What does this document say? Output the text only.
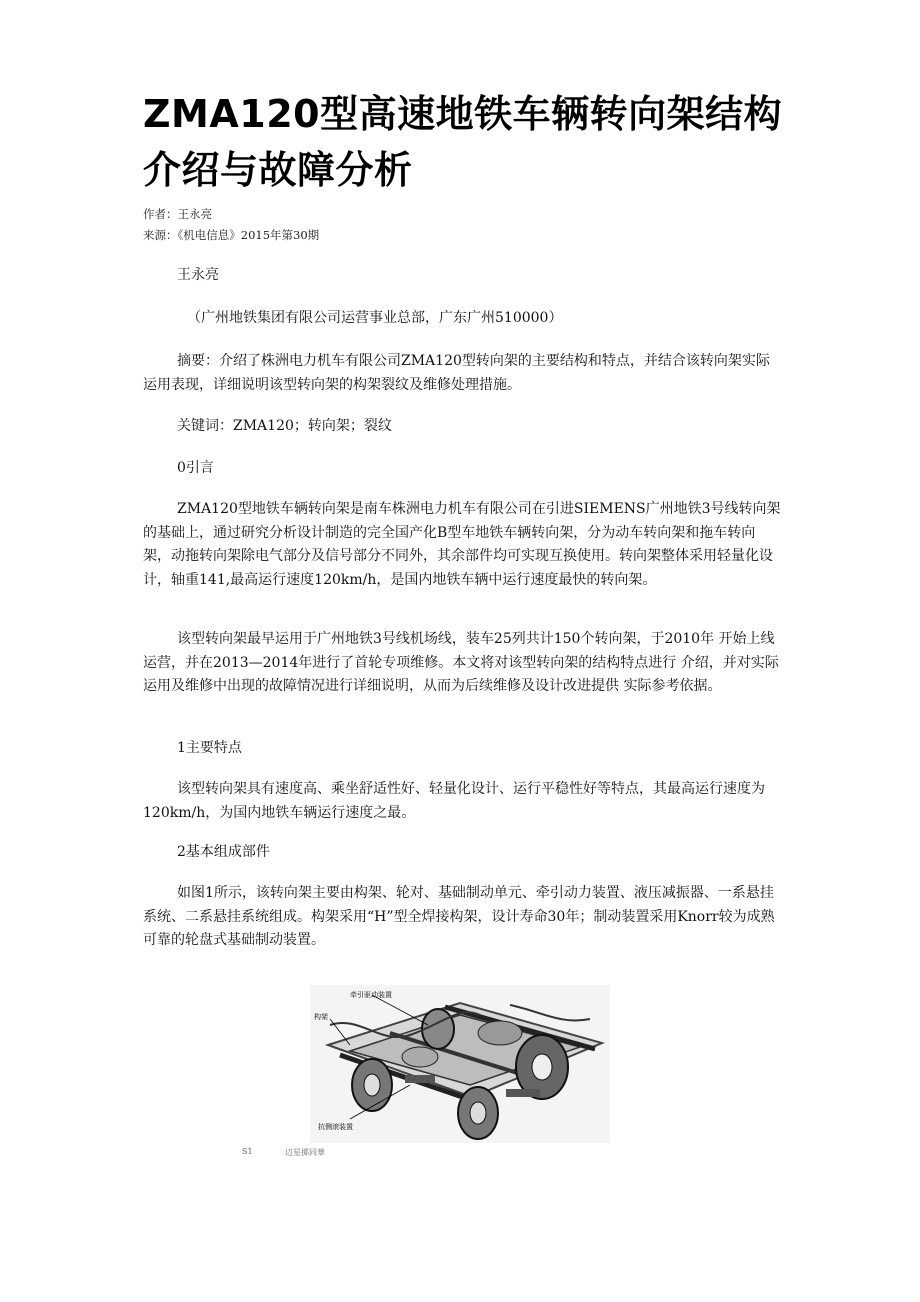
ZMA120型高速地铁车辆转向架结构介绍与故障分析
作者：王永亮
来源：《机电信息》2015年第30期

王永亮

（广州地铁集团有限公司运营事业总部，广东广州510000）

摘要：介绍了株洲电力机车有限公司ZMA120型转向架的主要结构和特点，并结合该转向架实际运用表现，详细说明该型转向架的构架裂纹及维修处理措施。

关键词：ZMA120；转向架；裂纹

0引言

ZMA120型地铁车辆转向架是南车株洲电力机车有限公司在引进SIEMENS广州地铁3号线转向架的基础上，通过研究分析设计制造的完全国产化B型车地铁车辆转向架，分为动车转向架和拖车转向架，动拖转向架除电气部分及信号部分不同外，其余部件均可实现互换使用。转向架整体采用轻量化设计，轴重141,最高运行速度120km/h，是国内地铁车辆中运行速度最快的转向架。

该型转向架最早运用于广州地铁3号线机场线，装车25列共计150个转向架，于2010年 开始上线运营，并在2013—2014年进行了首轮专项维修。本文将对该型转向架的结构特点进行 介绍，并对实际运用及维修中出现的故障情况进行详细说明，从而为后续维修及设计改进提供 实际参考依据。

1主要特点

该型转向架具有速度高、乘坐舒适性好、轻量化设计、运行平稳性好等特点，其最高运行速度为120km/h，为国内地铁车辆运行速度之最。

2基本组成部件

如图1所示，该转向架主要由构架、轮对、基础制动单元、牵引动力装置、液压减振器、一系悬挂系统、二系悬挂系统组成。构架采用“H”型全焊接构架，设计寿命30年；制动装置采用Knorr较为成熟可靠的轮盘式基础制动装置。

牵引驱动装置
构架
抗侧滚装置
S1	辺星掷同華
